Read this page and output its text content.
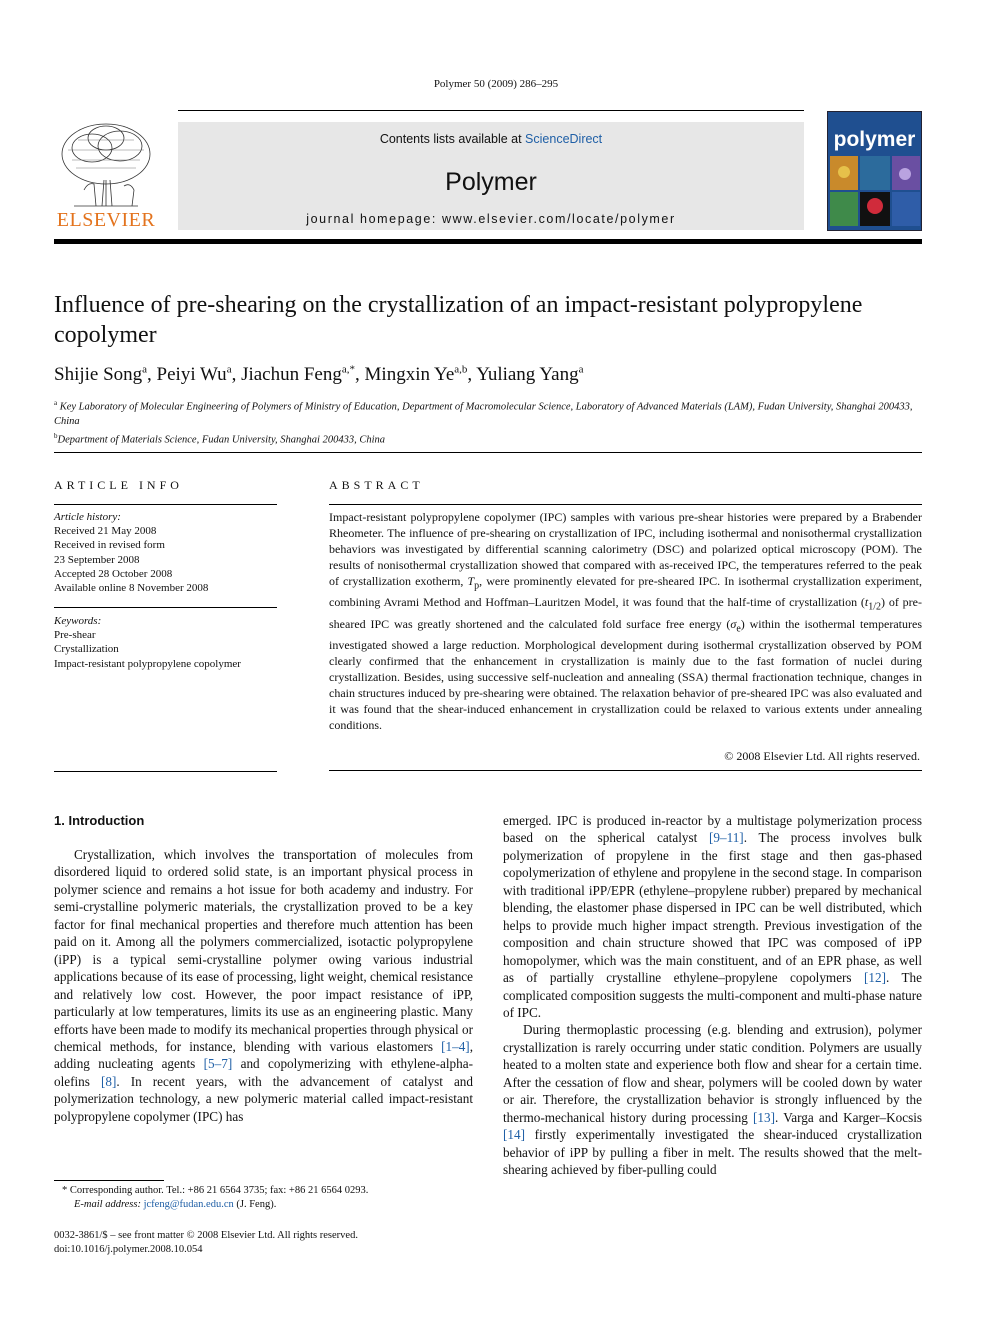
Polymer 50 (2009) 286–295
ELSEVIER
Contents lists available at ScienceDirect
Polymer
journal homepage: www.elsevier.com/locate/polymer
polymer
Influence of pre-shearing on the crystallization of an impact-resistant polypropylene copolymer
Shijie Song$^a$, Peiyi Wu$^a$, Jiachun Feng$^{a,*}$, Mingxin Ye$^{a,b}$, Yuliang Yang$^a$
$^a$ Key Laboratory of Molecular Engineering of Polymers of Ministry of Education, Department of Macromolecular Science, Laboratory of Advanced Materials (LAM), Fudan University, Shanghai 200433, China
$^b$Department of Materials Science, Fudan University, Shanghai 200433, China
ARTICLE INFO	ABSTRACT
Article history:
Received 21 May 2008
Received in revised form
23 September 2008
Accepted 28 October 2008
Available online 8 November 2008
Keywords:
Pre-shear
Crystallization
Impact-resistant polypropylene copolymer
Impact-resistant polypropylene copolymer (IPC) samples with various pre-shear histories were prepared by a Brabender Rheometer. The influence of pre-shearing on crystallization of IPC, including isothermal and nonisothermal crystallization behaviors was investigated by differential scanning calorimetry (DSC) and polarized optical microscopy (POM). The results of nonisothermal crystallization showed that compared with as-received IPC, the temperatures referred to the peak of crystallization exotherm, $T_p$, were prominently elevated for pre-sheared IPC. In isothermal crystallization experiment, combining Avrami Method and Hoffman–Lauritzen Model, it was found that the half-time of crystallization $(t_{1/2})$ of pre-sheared IPC was greatly shortened and the calculated fold surface free energy $(\sigma_e)$ within the isothermal temperatures investigated showed a large reduction. Morphological development during isothermal crystallization observed by POM clearly confirmed that the enhancement in crystallization is mainly due to the fast formation of nuclei during crystallization. Besides, using successive self-nucleation and annealing (SSA) thermal fractionation technique, changes in chain structures induced by pre-shearing were obtained. The relaxation behavior of pre-sheared IPC was also evaluated and it was found that the shear-induced enhancement in crystallization could be relaxed to various extents under annealing conditions.
© 2008 Elsevier Ltd. All rights reserved.
1. Introduction

Crystallization, which involves the transportation of molecules from disordered liquid to ordered solid state, is an important physical process in polymer science and remains a hot issue for both academy and industry. For semi-crystalline polymeric materials, the crystallization proved to be a key factor for final mechanical properties and therefore much attention has been paid on it. Among all the polymers commercialized, isotactic polypropylene (iPP) is a typical semi-crystalline polymer owing various industrial applications because of its ease of processing, light weight, chemical resistance and relatively low cost. However, the poor impact resistance of iPP, particularly at low temperatures, limits its use as an engineering plastic. Many efforts have been made to modify its mechanical properties through physical or chemical methods, for instance, blending with various elastomers [1–4], adding nucleating agents [5–7] and copolymerizing with ethylene-alpha-olefins [8]. In recent years, with the advancement of catalyst and polymerization technology, a new polymeric material called impact-resistant polypropylene copolymer (IPC) has

emerged. IPC is produced in-reactor by a multistage polymerization process based on the spherical catalyst [9–11]. The process involves bulk polymerization of propylene in the first stage and then gas-phased copolymerization of ethylene and propylene in the second stage. In comparison with traditional iPP/EPR (ethylene–propylene rubber) prepared by mechanical blending, the elastomer phase dispersed in IPC can be well distributed, which helps to provide much higher impact strength. Previous investigation of the composition and chain structure showed that IPC was composed of iPP homopolymer, which was the main constituent, and of an EPR phase, as well as of partially crystalline ethylene–propylene copolymers [12]. The complicated composition suggests the multi-component and multi-phase nature of IPC.

During thermoplastic processing (e.g. blending and extrusion), polymer crystallization is rarely occurring under static condition. Polymers are usually heated to a molten state and experience both flow and shear for a certain time. After the cessation of flow and shear, polymers will be cooled down by water or air. Therefore, the crystallization behavior is strongly influenced by the thermo-mechanical history during processing [13]. Varga and Karger–Kocsis [14] firstly experimentally investigated the shear-induced crystallization behavior of iPP by pulling a fiber in melt. The results showed that the melt-shearing achieved by fiber-pulling could

* Corresponding author. Tel.: +86 21 6564 3735; fax: +86 21 6564 0293.
E-mail address: jcfeng@fudan.edu.cn (J. Feng).
0032-3861/$ – see front matter © 2008 Elsevier Ltd. All rights reserved.
doi:10.1016/j.polymer.2008.10.054
